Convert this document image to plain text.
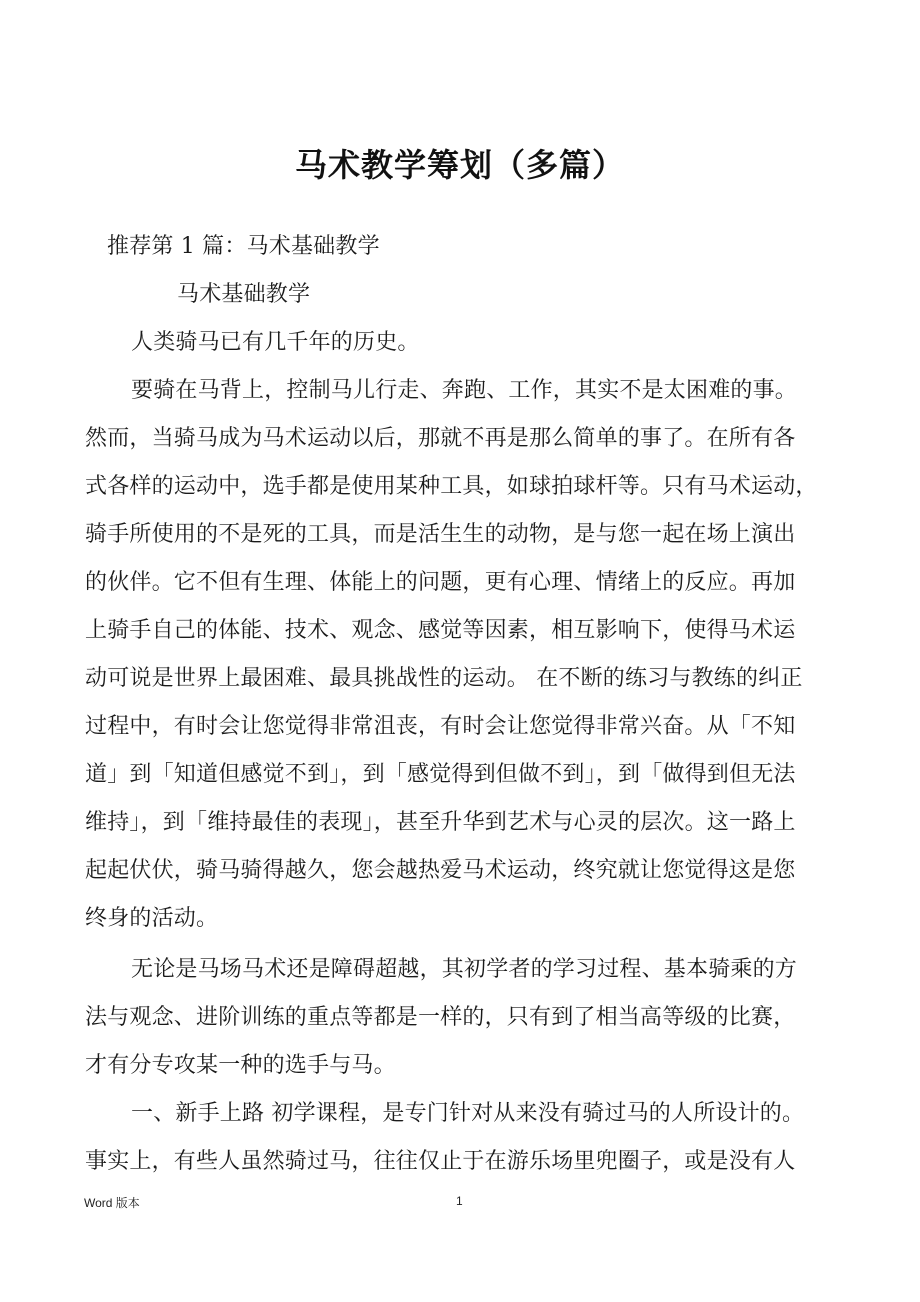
马术教学筹划（多篇）
推荐第 1 篇：马术基础教学
马术基础教学
人类骑马已有几千年的历史。
要骑在马背上，控制马儿行走、奔跑、工作，其实不是太困难的事。
然而，当骑马成为马术运动以后，那就不再是那么简单的事了。在所有各
式各样的运动中，选手都是使用某种工具，如球拍球杆等。只有马术运动，
骑手所使用的不是死的工具，而是活生生的动物，是与您一起在场上演出
的伙伴。它不但有生理、体能上的问题，更有心理、情绪上的反应。再加
上骑手自己的体能、技术、观念、感觉等因素，相互影响下，使得马术运
动可说是世界上最困难、最具挑战性的运动。 在不断的练习与教练的纠正
过程中，有时会让您觉得非常沮丧，有时会让您觉得非常兴奋。从「不知
道」到「知道但感觉不到」，到「感觉得到但做不到」，到「做得到但无法
维持」，到「维持最佳的表现」，甚至升华到艺术与心灵的层次。这一路上
起起伏伏，骑马骑得越久，您会越热爱马术运动，终究就让您觉得这是您
终身的活动。
无论是马场马术还是障碍超越，其初学者的学习过程、基本骑乘的方
法与观念、进阶训练的重点等都是一样的，只有到了相当高等级的比赛，
才有分专攻某一种的选手与马。
一、新手上路 初学课程，是专门针对从来没有骑过马的人所设计的。
事实上，有些人虽然骑过马，往往仅止于在游乐场里兜圈子，或是没有人
Word 版本	1
